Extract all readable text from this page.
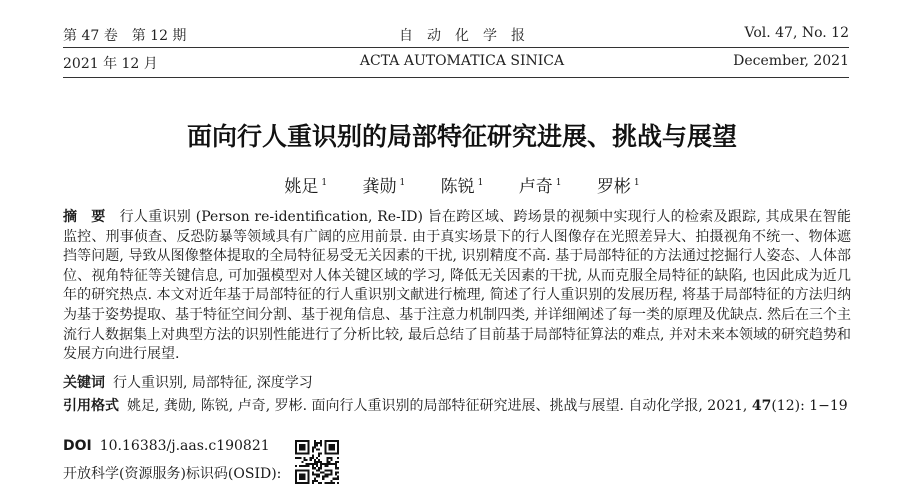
第 47 卷　第 12 期	自　动　化　学　报	Vol. 47, No. 12
2021 年 12 月	ACTA AUTOMATICA SINICA	December, 2021
面向行人重识别的局部特征研究进展、挑战与展望
姚足 $^1$ 龚勋 $^1$ 陈锐 $^1$ 卢奇 $^1$ 罗彬 $^1$
摘要行人重识别 (Person re-identification, Re-ID) 旨在跨区域、跨场景的视频中实现行人的检索及跟踪, 其成果在智能监控、刑事侦查、反恐防暴等领域具有广阔的应用前景. 由于真实场景下的行人图像存在光照差异大、拍摄视角不统一、物体遮挡等问题, 导致从图像整体提取的全局特征易受无关因素的干扰, 识别精度不高. 基于局部特征的方法通过挖掘行人姿态、人体部位、视角特征等关键信息, 可加强模型对人体关键区域的学习, 降低无关因素的干扰, 从而克服全局特征的缺陷, 也因此成为近几年的研究热点. 本文对近年基于局部特征的行人重识别文献进行梳理, 简述了行人重识别的发展历程, 将基于局部特征的方法归纳为基于姿势提取、基于特征空间分割、基于视角信息、基于注意力机制四类, 并详细阐述了每一类的原理及优缺点. 然后在三个主流行人数据集上对典型方法的识别性能进行了分析比较, 最后总结了目前基于局部特征算法的难点, 并对未来本领域的研究趋势和发展方向进行展望.
关键词 行人重识别, 局部特征, 深度学习
引用格式 姚足, 龚勋, 陈锐, 卢奇, 罗彬. 面向行人重识别的局部特征研究进展、挑战与展望. 自动化学报, 2021, 47(12): 1−19
DOI 10.16383/j.aas.c190821
开放科学(资源服务)标识码(OSID):
